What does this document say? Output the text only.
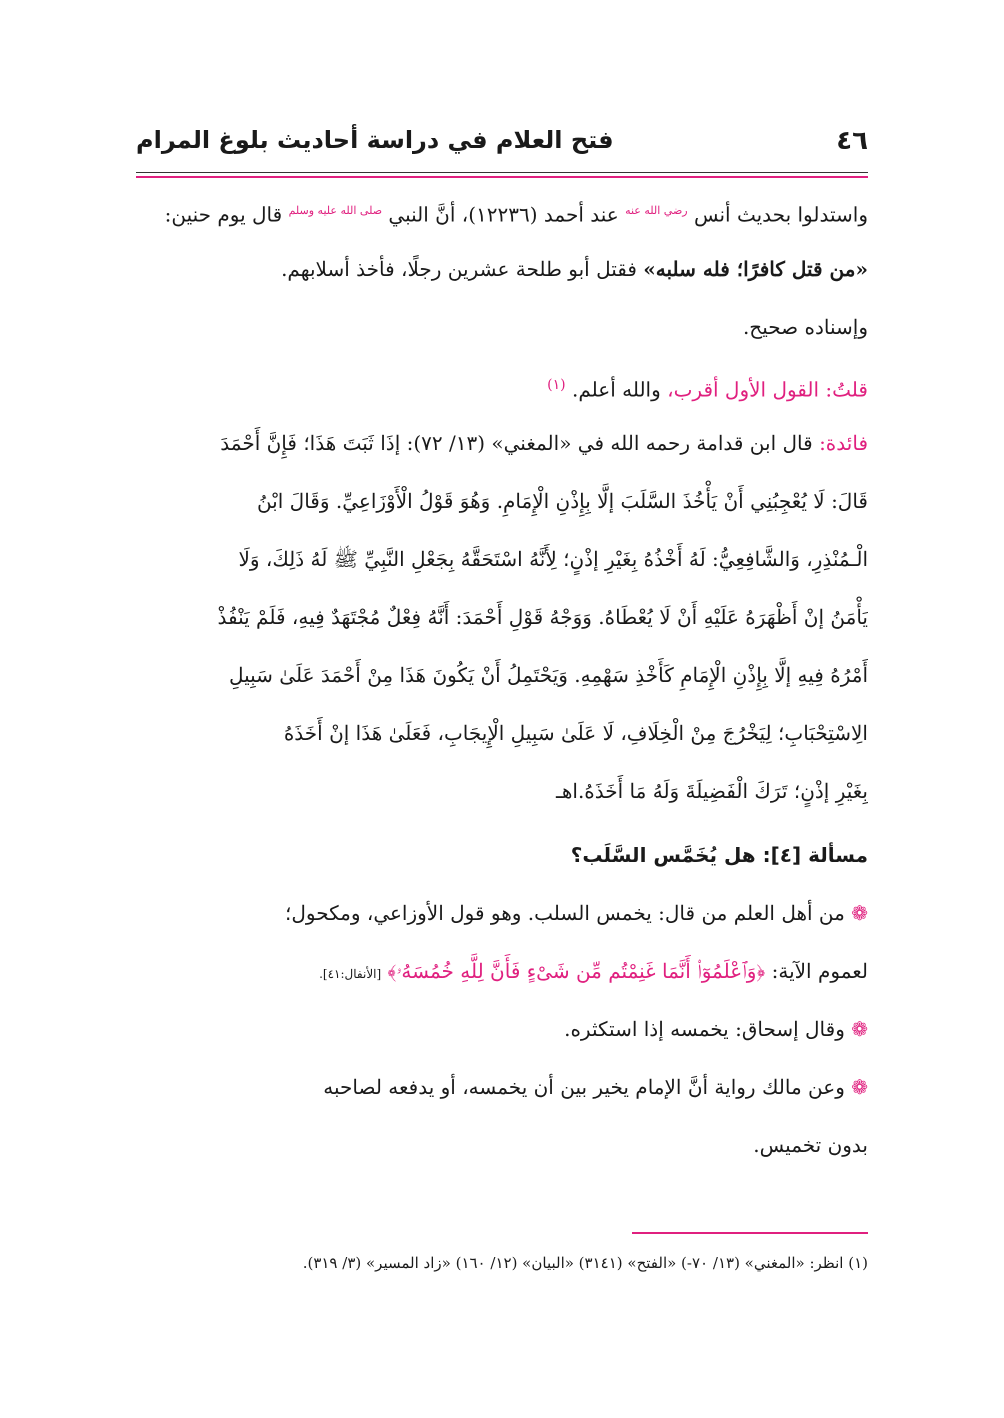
٤٦
فتح العلام في دراسة أحاديث بلوغ المرام
واستدلوا بحديث أنس $^{رضي الله عنه}$ عند أحمد (١٢٢٣٦)، أنَّ النبي $^{صلى الله عليه وسلم}$ قال يوم حنين:
«من قتل كافرًا؛ فله سلبه» فقتل أبو طلحة عشرين رجلًا، فأخذ أسلابهم.
وإسناده صحيح.
قلتُ: القول الأول أقرب، والله أعلم. $^{(١)}$
فائدة: قال ابن قدامة رحمه الله في «المغني» (١٣/ ٧٢): إذَا ثَبَتَ هَذَا؛ فَإِنَّ أَحْمَدَ
قَالَ: لَا يُعْجِبُنِي أَنْ يَأْخُذَ السَّلَبَ إلَّا بِإِذْنِ الْإِمَامِ. وَهُوَ قَوْلُ الْأَوْزَاعِيِّ. وَقَالَ ابْنُ
الْـمُنْذِرِ، وَالشَّافِعِيُّ: لَهُ أَخْذُهُ بِغَيْرِ إذْنٍ؛ لِأَنَّهُ اسْتَحَقَّهُ بِجَعْلِ النَّبِيِّ ﷺ لَهُ ذَلِكَ، وَلَا
يَأْمَنُ إنْ أَظْهَرَهُ عَلَيْهِ أَنْ لَا يُعْطَاهُ. وَوَجْهُ قَوْلِ أَحْمَدَ: أَنَّهُ فِعْلٌ مُجْتَهَدٌ فِيهِ، فَلَمْ يَنْفُذْ
أَمْرُهُ فِيهِ إلَّا بِإِذْنِ الْإِمَامِ كَأَخْذِ سَهْمِهِ. وَيَحْتَمِلُ أَنْ يَكُونَ هَذَا مِنْ أَحْمَدَ عَلَىٰ سَبِيلِ
الِاسْتِحْبَابِ؛ لِيَخْرُجَ مِنْ الْخِلَافِ، لَا عَلَىٰ سَبِيلِ الْإِيجَابِ، فَعَلَىٰ هَذَا إنْ أَخَذَهُ
بِغَيْرِ إذْنٍ؛ تَرَكَ الْفَضِيلَةَ وَلَهُ مَا أَخَذَهُ.اهـ
مسألة [٤]: هل يُخَمَّس السَّلَب؟
❁ من أهل العلم من قال: يخمس السلب. وهو قول الأوزاعي، ومكحول؛
لعموم الآية: ﴿وَٱعْلَمُوٓا۟ أَنَّمَا غَنِمْتُم مِّن شَىْءٍ فَأَنَّ لِلَّهِ خُمُسَهُۥ﴾ [الأنفال:٤١].
❁ وقال إسحاق: يخمسه إذا استكثره.
❁ وعن مالك رواية أنَّ الإمام يخير بين أن يخمسه، أو يدفعه لصاحبه
بدون تخميس.
(١) انظر: «المغني» (١٣/ ٧٠-) «الفتح» (٣١٤١) «البيان» (١٢/ ١٦٠) «زاد المسير» (٣/ ٣١٩).
